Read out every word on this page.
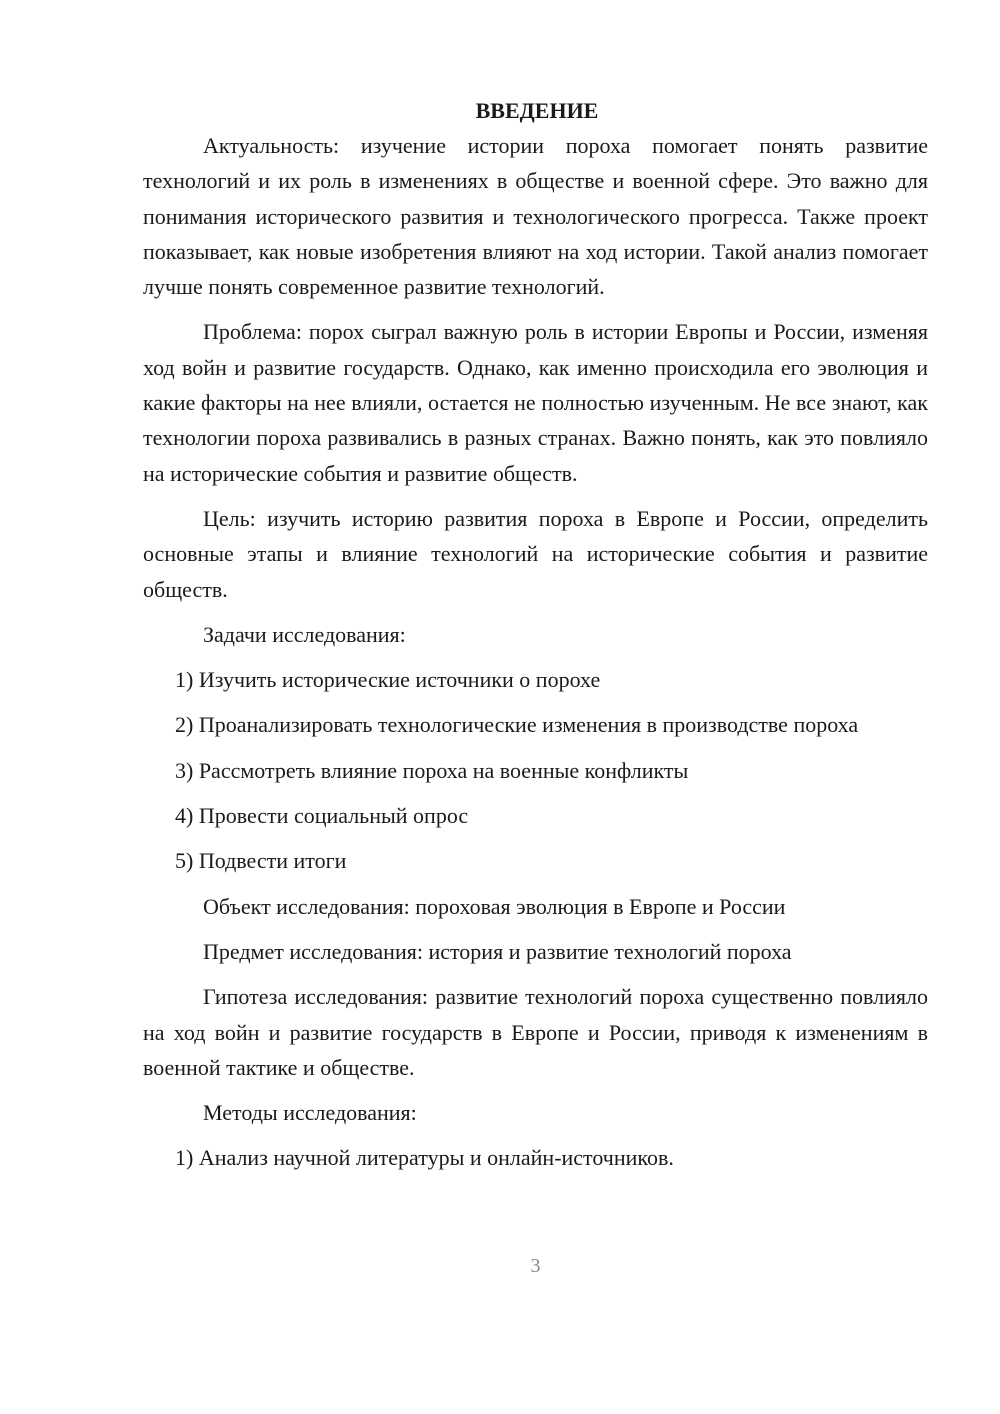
ВВЕДЕНИЕ

Актуальность: изучение истории пороха помогает понять развитие технологий и их роль в изменениях в обществе и военной сфере. Это важно для понимания исторического развития и технологического прогресса. Также проект показывает, как новые изобретения влияют на ход истории. Такой анализ помогает лучше понять современное развитие технологий.

Проблема: порох сыграл важную роль в истории Европы и России, изменяя ход войн и развитие государств. Однако, как именно происходила его эволюция и какие факторы на нее влияли, остается не полностью изученным. Не все знают, как технологии пороха развивались в разных странах. Важно понять, как это повлияло на исторические события и развитие обществ.

Цель: изучить историю развития пороха в Европе и России, определить основные этапы и влияние технологий на исторические события и развитие обществ.

Задачи исследования:

1) Изучить исторические источники о порохе

2) Проанализировать технологические изменения в производстве пороха

3) Рассмотреть влияние пороха на военные конфликты

4) Провести социальный опрос

5) Подвести итоги

Объект исследования: пороховая эволюция в Европе и России

Предмет исследования: история и развитие технологий пороха

Гипотеза исследования: развитие технологий пороха существенно повлияло на ход войн и развитие государств в Европе и России, приводя к изменениям в военной тактике и обществе.

Методы исследования:

1) Анализ научной литературы и онлайн-источников.

3
